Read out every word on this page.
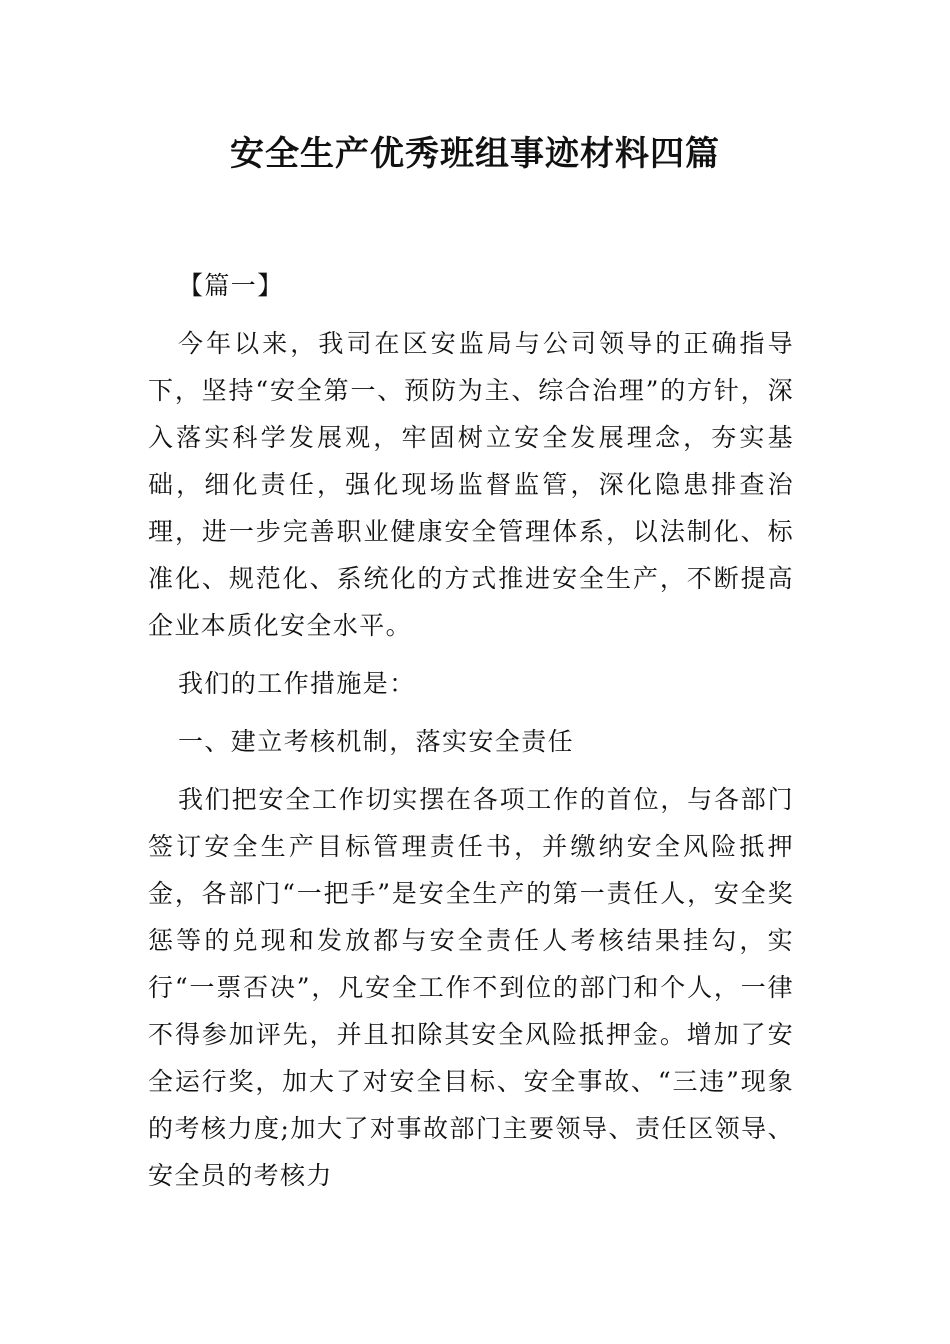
安全生产优秀班组事迹材料四篇

【篇一】

今年以来，我司在区安监局与公司领导的正确指导下，坚持“安全第一、预防为主、综合治理”的方针，深入落实科学发展观，牢固树立安全发展理念，夯实基础，细化责任，强化现场监督监管，深化隐患排查治理，进一步完善职业健康安全管理体系，以法制化、标准化、规范化、系统化的方式推进安全生产，不断提高企业本质化安全水平。

我们的工作措施是：

一、建立考核机制，落实安全责任

我们把安全工作切实摆在各项工作的首位，与各部门签订安全生产目标管理责任书，并缴纳安全风险抵押金，各部门“一把手”是安全生产的第一责任人，安全奖惩等的兑现和发放都与安全责任人考核结果挂勾，实行“一票否决”，凡安全工作不到位的部门和个人，一律不得参加评先，并且扣除其安全风险抵押金。增加了安全运行奖，加大了对安全目标、安全事故、“三违”现象的考核力度;加大了对事故部门主要领导、责任区领导、安全员的考核力
